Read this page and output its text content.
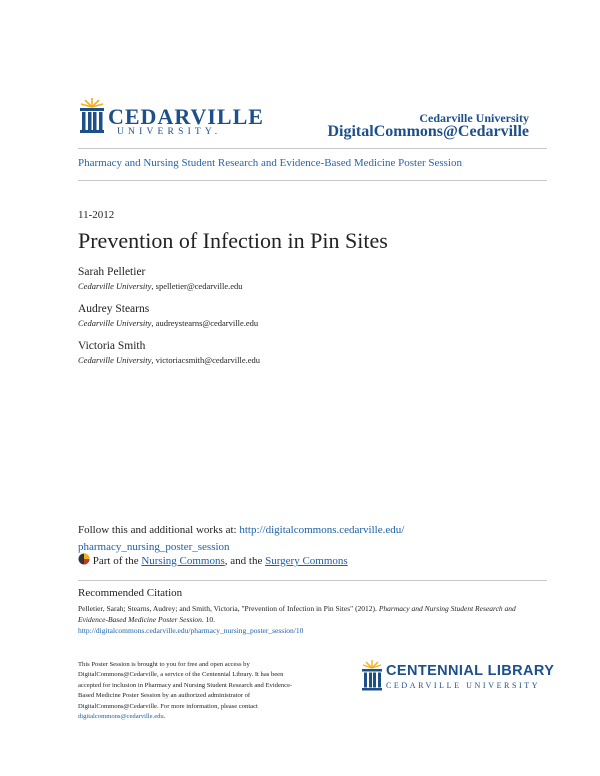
CEDARVILLE
UNIVERSITY.
Cedarville University
DigitalCommons@Cedarville
Pharmacy and Nursing Student Research and Evidence-Based Medicine Poster Session
11-2012
Prevention of Infection in Pin Sites
Sarah Pelletier
Cedarville University, spelletier@cedarville.edu
Audrey Stearns
Cedarville University, audreystearns@cedarville.edu
Victoria Smith
Cedarville University, victoriacsmith@cedarville.edu
Follow this and additional works at: http://digitalcommons.cedarville.edu/
pharmacy_nursing_poster_session
Part of the Nursing Commons, and the Surgery Commons
Recommended Citation
Pelletier, Sarah; Stearns, Audrey; and Smith, Victoria, "Prevention of Infection in Pin Sites" (2012). Pharmacy and Nursing Student Research and Evidence-Based Medicine Poster Session. 10.
http://digitalcommons.cedarville.edu/pharmacy_nursing_poster_session/10
This Poster Session is brought to you for free and open access by DigitalCommons@Cedarville, a service of the Centennial Library. It has been accepted for inclusion in Pharmacy and Nursing Student Research and Evidence-Based Medicine Poster Session by an authorized administrator of DigitalCommons@Cedarville. For more information, please contact digitalcommons@cedarville.edu.
CENTENNIAL LIBRARY
CEDARVILLE UNIVERSITY
